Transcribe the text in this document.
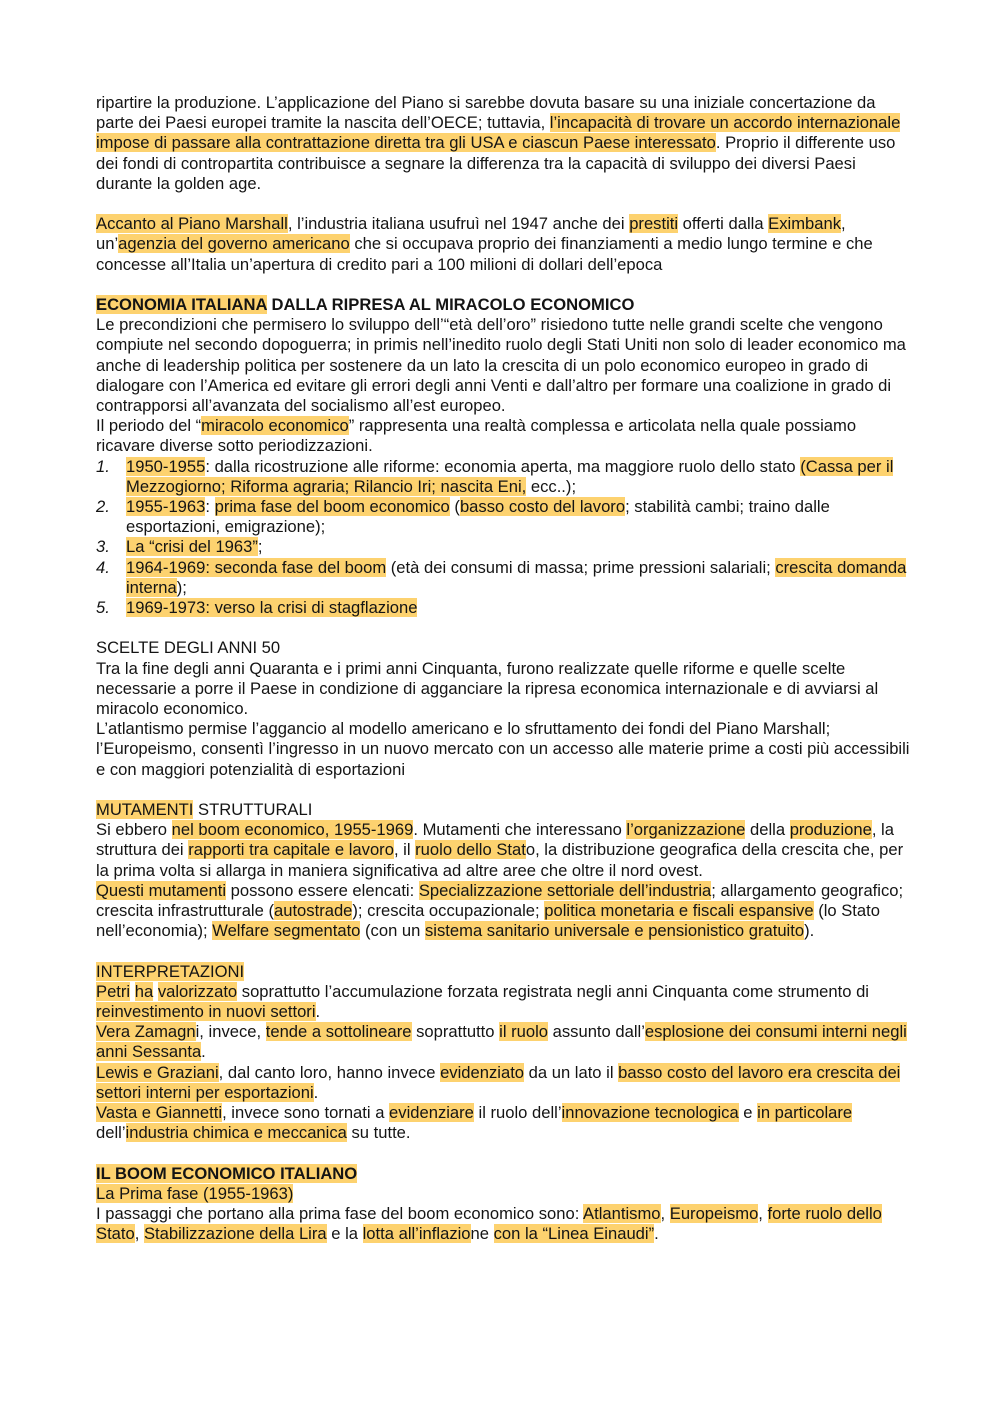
ripartire la produzione. L’applicazione del Piano si sarebbe dovuta basare su una iniziale concertazione da parte dei Paesi europei tramite la nascita dell’OECE; tuttavia, l’incapacità di trovare un accordo internazionale impose di passare alla contrattazione diretta tra gli USA e ciascun Paese interessato. Proprio il differente uso dei fondi di contropartita contribuisce a segnare la differenza tra la capacità di sviluppo dei diversi Paesi durante la golden age.

Accanto al Piano Marshall, l’industria italiana usufruì nel 1947 anche dei prestiti offerti dalla Eximbank, un’agenzia del governo americano che si occupava proprio dei finanziamenti a medio lungo termine e che concesse all’Italia un’apertura di credito pari a 100 milioni di dollari dell’epoca

ECONOMIA ITALIANA DALLA RIPRESA AL MIRACOLO ECONOMICO

Le precondizioni che permisero lo sviluppo dell’“età dell’oro” risiedono tutte nelle grandi scelte che vengono compiute nel secondo dopoguerra; in primis nell’inedito ruolo degli Stati Uniti non solo di leader economico ma anche di leadership politica per sostenere da un lato la crescita di un polo economico europeo in grado di dialogare con l’America ed evitare gli errori degli anni Venti e dall’altro per formare una coalizione in grado di contrapporsi all’avanzata del socialismo all’est europeo.

Il periodo del “miracolo economico” rappresenta una realtà complessa e articolata nella quale possiamo ricavare diverse sotto periodizzazioni.

1. 1950-1955: dalla ricostruzione alle riforme: economia aperta, ma maggiore ruolo dello stato (Cassa per il Mezzogiorno; Riforma agraria; Rilancio Iri; nascita Eni, ecc..);
2. 1955-1963: prima fase del boom economico (basso costo del lavoro; stabilità cambi; traino dalle esportazioni, emigrazione);
3. La “crisi del 1963”;
4. 1964-1969: seconda fase del boom (età dei consumi di massa; prime pressioni salariali; crescita domanda interna);
5. 1969-1973: verso la crisi di stagflazione

SCELTE DEGLI ANNI 50

Tra la fine degli anni Quaranta e i primi anni Cinquanta, furono realizzate quelle riforme e quelle scelte necessarie a porre il Paese in condizione di agganciare la ripresa economica internazionale e di avviarsi al miracolo economico.

L’atlantismo permise l’aggancio al modello americano e lo sfruttamento dei fondi del Piano Marshall; l’Europeismo, consentì l’ingresso in un nuovo mercato con un accesso alle materie prime a costi più accessibili e con maggiori potenzialità di esportazioni

MUTAMENTI STRUTTURALI

Si ebbero nel boom economico, 1955-1969. Mutamenti che interessano l’organizzazione della produzione, la struttura dei rapporti tra capitale e lavoro, il ruolo dello Stato, la distribuzione geografica della crescita che, per la prima volta si allarga in maniera significativa ad altre aree che oltre il nord ovest.

Questi mutamenti possono essere elencati: Specializzazione settoriale dell’industria; allargamento geografico; crescita infrastrutturale (autostrade); crescita occupazionale; politica monetaria e fiscali espansive (lo Stato nell’economia); Welfare segmentato (con un sistema sanitario universale e pensionistico gratuito).

INTERPRETAZIONI

Petri ha valorizzato soprattutto l’accumulazione forzata registrata negli anni Cinquanta come strumento di reinvestimento in nuovi settori.

Vera Zamagni, invece, tende a sottolineare soprattutto il ruolo assunto dall’esplosione dei consumi interni negli anni Sessanta.

Lewis e Graziani, dal canto loro, hanno invece evidenziato da un lato il basso costo del lavoro era crescita dei settori interni per esportazioni.

Vasta e Giannetti, invece sono tornati a evidenziare il ruolo dell’innovazione tecnologica e in particolare dell’industria chimica e meccanica su tutte.

IL BOOM ECONOMICO ITALIANO

La Prima fase (1955-1963)

I passaggi che portano alla prima fase del boom economico sono: Atlantismo, Europeismo, forte ruolo dello Stato, Stabilizzazione della Lira e la lotta all’inflazione con la “Linea Einaudi”.
